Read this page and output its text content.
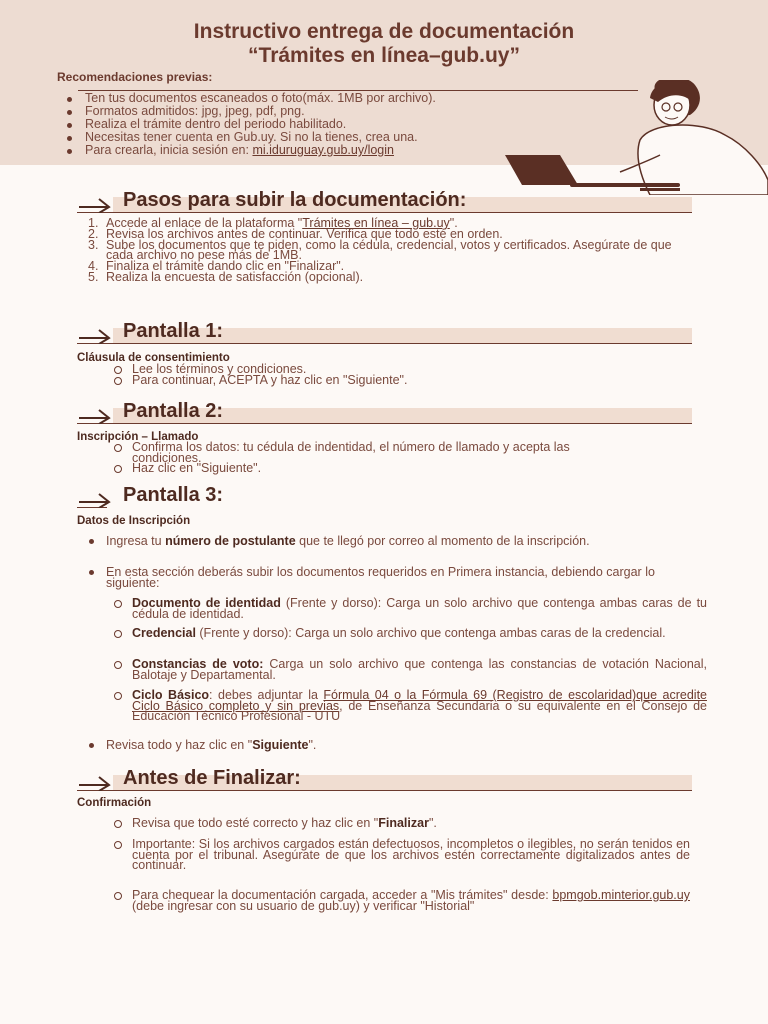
Instructivo entrega de documentación
“Trámites en línea–gub.uy”
Recomendaciones previas:
Ten tus documentos escaneados o foto(máx. 1MB por archivo).
Formatos admitidos: jpg, jpeg, pdf, png.
Realiza el trámite dentro del periodo habilitado.
Necesitas tener cuenta en Gub.uy. Si no la tienes, crea una.
Para crearla, inicia sesión en: mi.iduruguay.gub.uy/login
Pasos para subir la documentación:
1. Accede al enlace de la plataforma "Trámites en línea – gub.uy".
2. Revisa los archivos antes de continuar. Verifica que todo esté en orden.
3. Sube los documentos que te piden, como la cédula, credencial, votos y certificados. Asegúrate de que cada archivo no pese más de 1MB.
4. Finaliza el trámite dando clic en "Finalizar".
5. Realiza la encuesta de satisfacción (opcional).
Pantalla 1:
Cláusula de consentimiento
Lee los términos y condiciones.
Para continuar, ACEPTA y haz clic en "Siguiente".
Pantalla 2:
Inscripción – Llamado
Confirma los datos: tu cédula de indentidad, el número de llamado y acepta las condiciones.
Haz clic en "Siguiente".
Pantalla 3:
Datos de Inscripción
Ingresa tu número de postulante que te llegó por correo al momento de la inscripción.
En esta sección deberás subir los documentos requeridos en Primera instancia, debiendo cargar lo siguiente:
Documento de identidad (Frente y dorso): Carga un solo archivo que contenga ambas caras de tu cédula de identidad.
Credencial (Frente y dorso): Carga un solo archivo que contenga ambas caras de la credencial.
Constancias de voto: Carga un solo archivo que contenga las constancias de votación Nacional, Balotaje y Departamental.
Ciclo Básico: debes adjuntar la Fórmula 04 o la Fórmula 69 (Registro de escolaridad)que acredite Ciclo Básico completo y sin previas, de Enseñanza Secundaria o su equivalente en el Consejo de Educación Técnico Profesional - UTU
Revisa todo y haz clic en "Siguiente".
Antes de Finalizar:
Confirmación
Revisa que todo esté correcto y haz clic en "Finalizar".
Importante: Si los archivos cargados están defectuosos, incompletos o ilegibles, no serán tenidos en cuenta por el tribunal. Asegúrate de que los archivos estén correctamente digitalizados antes de continuar.
Para chequear la documentación cargada, acceder a "Mis trámites" desde: bpmgob.minterior.gub.uy (debe ingresar con su usuario de gub.uy) y verificar "Historial"
